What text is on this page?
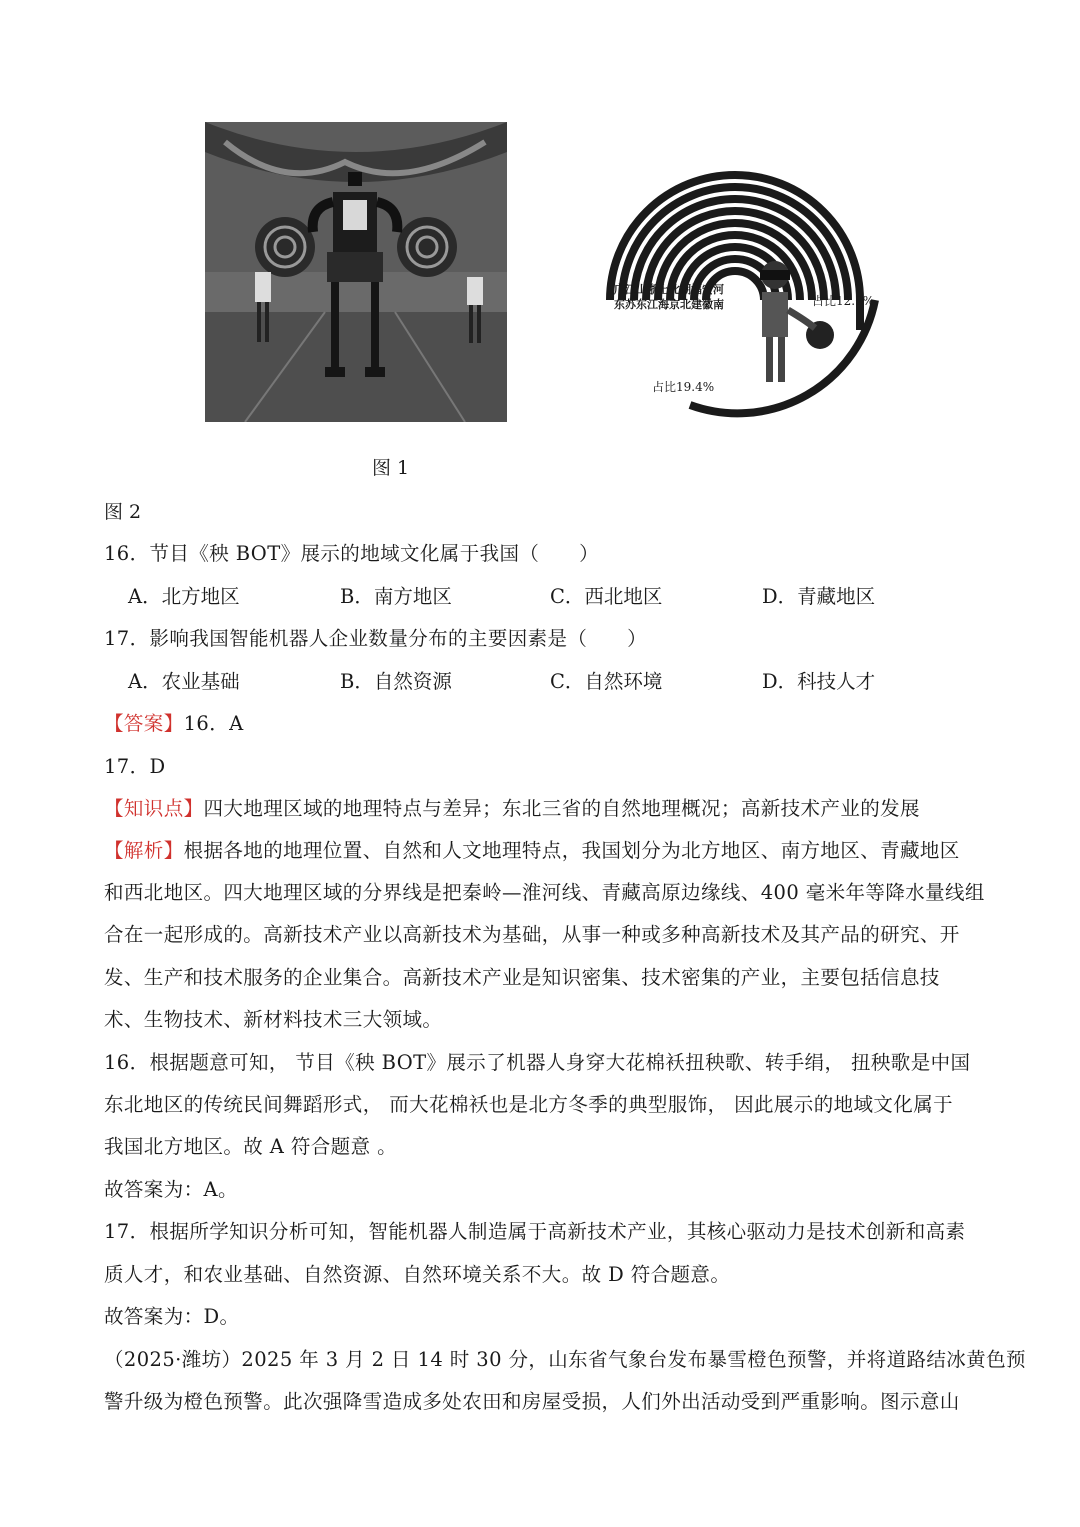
广江山浙上北湖福安河
东苏东江海京北建徽南	占比12.0%
占比19.4%
图 1
图 2
16．节目《秧 BOT》展示的地域文化属于我国（　　）
A．北方地区	B．南方地区	C．西北地区	D．青藏地区
17．影响我国智能机器人企业数量分布的主要因素是（　　）
A．农业基础	B．自然资源	C．自然环境	D．科技人才
【答案】16．A
17．D
【知识点】四大地理区域的地理特点与差异；东北三省的自然地理概况；高新技术产业的发展
【解析】根据各地的地理位置、自然和人文地理特点，我国划分为北方地区、南方地区、青藏地区
和西北地区。四大地理区域的分界线是把秦岭—淮河线、青藏高原边缘线、400 毫米年等降水量线组
合在一起形成的。高新技术产业以高新技术为基础，从事一种或多种高新技术及其产品的研究、开
发、生产和技术服务的企业集合。高新技术产业是知识密集、技术密集的产业，主要包括信息技
术、生物技术、新材料技术三大领域。
16．根据题意可知， 节目《秧 BOT》展示了机器人身穿大花棉袄扭秧歌、转手绢， 扭秧歌是中国
东北地区的传统民间舞蹈形式， 而大花棉袄也是北方冬季的典型服饰， 因此展示的地域文化属于
我国北方地区。故 A 符合题意 。
故答案为：A。
17．根据所学知识分析可知，智能机器人制造属于高新技术产业，其核心驱动力是技术创新和高素
质人才，和农业基础、自然资源、自然环境关系不大。故 D 符合题意。
故答案为：D。
（2025·潍坊）2025 年 3 月 2 日 14 时 30 分，山东省气象台发布暴雪橙色预警，并将道路结冰黄色预
警升级为橙色预警。此次强降雪造成多处农田和房屋受损，人们外出活动受到严重影响。图示意山
